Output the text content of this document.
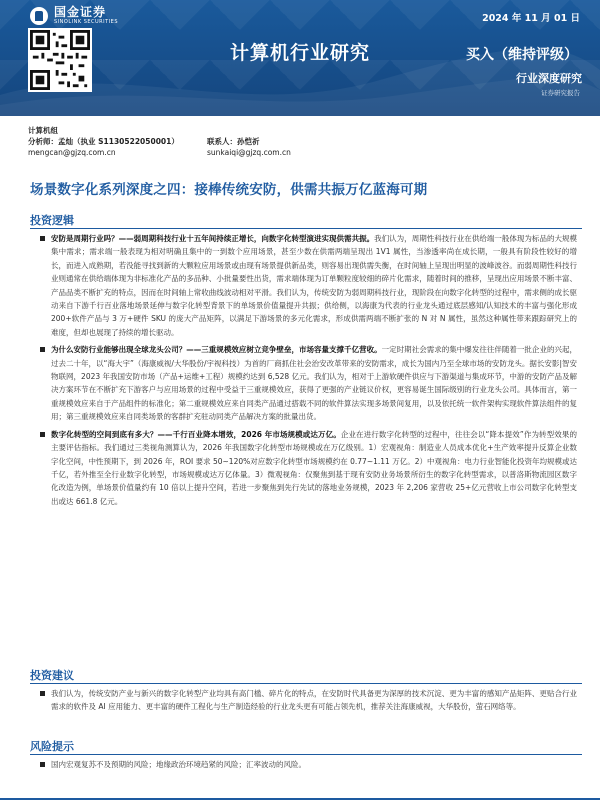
国金证券
SINOLINK SECURITIES	2024 年 11 月 01 日
计算机行业研究	买入（维持评级）
行业深度研究
证券研究报告
计算机组
分析师：孟灿（执业 S1130522050001）	联系人：孙恺祈
mengcan@gjzq.com.cn	sunkaiqi@gjzq.com.cn
场景数字化系列深度之四：接棒传统安防，供需共振万亿蓝海可期
投资逻辑
安防是周期行业吗？——弱周期科技行业十五年间持续正增长，向数字化转型演进实现供需共振。我们认为，周期性科技行业在供给端一般体现为标品的大规模集中需求；需求端一般表现为相对明确且集中的一到数个应用场景，甚至少数在供需两端呈现出 1V1 属性，当渗透率尚在成长期，一般具有阶段性较好的增长，而进入成熟期，若没能寻找到新的大颗粒应用场景或由现有场景提供新品类，则容易出现供需失衡，在时间轴上呈现出明显的波峰波谷。而弱周期性科技行业则通常在供给端体现为非标准化产品的多品种、小批量要性出货，需求端体现为订单颗粒度较细的碎片化需求，随着时间的推移，呈现出应用场景不断丰富、产品品类不断扩充的特点，因而在时间轴上常收曲线波动相对平滑。我们认为，传统安防为弱周期科技行业，现阶段在向数字化转型的过程中，需求侧的成长驱动来自下游千行百业落地场景延伸与数字化转型背景下的单场景价值量提升共振；供给侧，以海康为代表的行业龙头通过底层感知/认知技术的丰富与强化形成 200+软件产品与 3 万+硬件 SKU 的庞大产品矩阵，以满足下游场景的多元化需求，形成供需两端不断扩张的 N 对 N 属性，虽然这种属性带来跟踪研究上的难度，但却也展现了持续的增长驱动。
为什么安防行业能够出现全球龙头公司？——三重规模效应树立竞争壁垒，市场容量支撑千亿营收。一定时期社会需求的集中爆发往往伴随着一批企业的兴起，过去二十年，以“海大宇”（海康威视/大华股份/宇视科技）为首的厂商抓住社会治安改革带来的安防需求，成长为国内乃至全球市场的安防龙头。据长安影|智安物联网，2023 年我国安防市场（产品+运维+工程）规模约达到 6,528 亿元。我们认为，相对于上游软硬件供应与下游渠道与集成环节，中游的安防产品及解决方案环节在不断扩充下游客户与应用场景的过程中受益于三重规模效应，获得了更强的产业链议价权，更容易诞生国际级别的行业龙头公司。具体而言，第一重规模效应来自于产品组件的标准化；第二重规模效应来自同类产品通过搭载不同的软件算法实现多场景间复用，以及依托统一软件架构实现软件算法组件的复用；第三重规模效应来自同类场景的客群扩充驻动同类产品解决方案的批量出货。
数字化转型的空间到底有多大？——千行百业降本增效，2026 年市场规模或达万亿。企业在进行数字化转型的过程中，往往会以“降本提效”作为转型效果的主要评估指标。我们通过三类视角测算认为，2026 年我国数字化转型市场规模或在万亿级别。1）宏观视角：制造业人员成本优化+生产效率提升反算企业数字化空间，中性预期下，到 2026 年，ROI 要求 50~120%对应数字化转型市场规模约在 0.77~1.11 万亿。2）中观视角：电力行业智能化投资年均规模或达千亿，若外推至全行业数字化转型，市场规模或达万亿体量。3）微观视角：仅聚焦到基于现有安防业务场景所衍生的数字化转型需求，以普洛斯物流园区数字化改造为例，单场景价值量约有 10 倍以上提升空间，若进一步聚焦到先行先试的落地业务规模，2023 年 2,206 家营收 25+亿元营收上市公司数字化转型支出或达 661.8 亿元。
投资建议
我们认为，传统安防产业与新兴的数字化转型产业均具有高门槛、碎片化的特点，在安防时代具备更为深厚的技术沉淀、更为丰富的感知产品矩阵、更贴合行业需求的软件及 AI 应用能力、更丰富的硬件工程化与生产制造经验的行业龙头更有可能占领先机，推荐关注海康威视，大华股份，萤石网络等。
风险提示
国内宏观复苏不及预期的风险；地缘政治环境趋紧的风险；汇率波动的风险。
